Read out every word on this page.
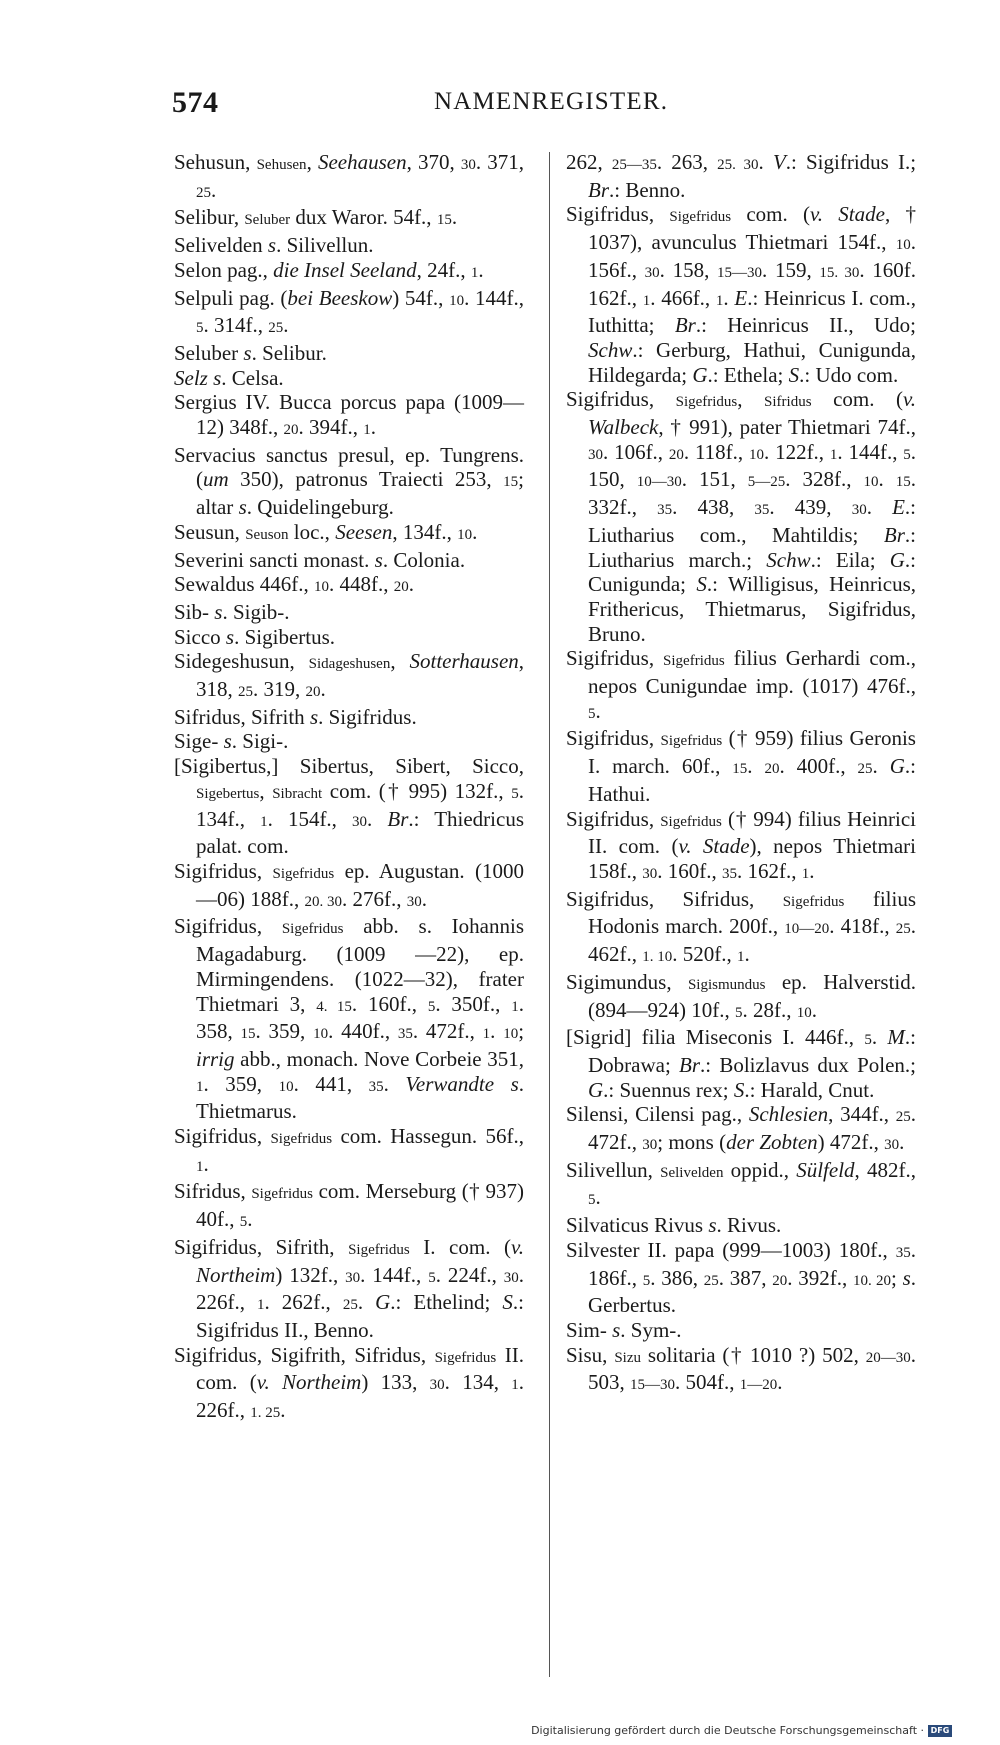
574	NAMENREGISTER.

Sehusun, Sehusen, Seehausen, 370, 30. 371, 25.

Selibur, Seluber dux Waror. 54f., 15.

Selivelden s. Silivellun.

Selon pag., die Insel Seeland, 24f., 1.

Selpuli pag. (bei Beeskow) 54f., 10. 144f., 5. 314f., 25.

Seluber s. Selibur.

Selz s. Celsa.

Sergius IV. Bucca porcus papa (1009—12) 348f., 20. 394f., 1.

Servacius sanctus presul, ep. Tungrens. (um 350), patronus Traiecti 253, 15; altar s. Quidelingeburg.

Seusun, Seuson loc., Seesen, 134f., 10.

Severini sancti monast. s. Colonia.

Sewaldus 446f., 10. 448f., 20.

Sib- s. Sigib-.

Sicco s. Sigibertus.

Sidegeshusun, Sidageshusen, Sotterhausen, 318, 25. 319, 20.

Sifridus, Sifrith s. Sigifridus.

Sige- s. Sigi-.

[Sigibertus,] Sibertus, Sibert, Sicco, Sigebertus, Sibracht com. († 995) 132f., 5. 134f., 1. 154f., 30. Br.: Thiedricus palat. com.

Sigifridus, Sigefridus ep. Augustan. (1000—06) 188f., 20. 30. 276f., 30.

Sigifridus, Sigefridus abb. s. Iohannis Magadaburg. (1009 —22), ep. Mirmingendens. (1022—32), frater Thietmari 3, 4. 15. 160f., 5. 350f., 1. 358, 15. 359, 10. 440f., 35. 472f., 1. 10; irrig abb., monach. Nove Corbeie 351, 1. 359, 10. 441, 35. Verwandte s. Thietmarus.

Sigifridus, Sigefridus com. Hassegun. 56f., 1.

Sifridus, Sigefridus com. Merseburg († 937) 40f., 5.

Sigifridus, Sifrith, Sigefridus I. com. (v. Northeim) 132f., 30. 144f., 5. 224f., 30. 226f., 1. 262f., 25. G.: Ethelind; S.: Sigifridus II., Benno.

Sigifridus, Sigifrith, Sifridus, Sigefridus II. com. (v. Northeim) 133, 30. 134, 1. 226f., 1. 25.

262, 25—35. 263, 25. 30. V.: Sigifridus I.; Br.: Benno.

Sigifridus, Sigefridus com. (v. Stade, † 1037), avunculus Thietmari 154f., 10. 156f., 30. 158, 15—30. 159, 15. 30. 160f. 162f., 1. 466f., 1. E.: Heinricus I. com., Iuthitta; Br.: Heinricus II., Udo; Schw.: Gerburg, Hathui, Cunigunda, Hildegarda; G.: Ethela; S.: Udo com.

Sigifridus, Sigefridus, Sifridus com. (v. Walbeck, † 991), pater Thietmari 74f., 30. 106f., 20. 118f., 10. 122f., 1. 144f., 5. 150, 10—30. 151, 5—25. 328f., 10. 15. 332f., 35. 438, 35. 439, 30. E.: Liutharius com., Mahtildis; Br.: Liutharius march.; Schw.: Eila; G.: Cunigunda; S.: Willigisus, Heinricus, Frithericus, Thietmarus, Sigifridus, Bruno.

Sigifridus, Sigefridus filius Gerhardi com., nepos Cunigundae imp. (1017) 476f., 5.

Sigifridus, Sigefridus († 959) filius Geronis I. march. 60f., 15. 20. 400f., 25. G.: Hathui.

Sigifridus, Sigefridus († 994) filius Heinrici II. com. (v. Stade), nepos Thietmari 158f., 30. 160f., 35. 162f., 1.

Sigifridus, Sifridus, Sigefridus filius Hodonis march. 200f., 10—20. 418f., 25. 462f., 1. 10. 520f., 1.

Sigimundus, Sigismundus ep. Halverstid. (894—924) 10f., 5. 28f., 10.

[Sigrid] filia Miseconis I. 446f., 5. M.: Dobrawa; Br.: Bolizlavus dux Polen.; G.: Suennus rex; S.: Harald, Cnut.

Silensi, Cilensi pag., Schlesien, 344f., 25. 472f., 30; mons (der Zobten) 472f., 30.

Silivellun, Selivelden oppid., Sülfeld, 482f., 5.

Silvaticus Rivus s. Rivus.

Silvester II. papa (999—1003) 180f., 35. 186f., 5. 386, 25. 387, 20. 392f., 10. 20; s. Gerbertus.

Sim- s. Sym-.

Sisu, Sizu solitaria († 1010 ?) 502, 20—30. 503, 15—30. 504f., 1—20.

Digitalisierung gefördert durch die Deutsche Forschungsgemeinschaft · DFG
